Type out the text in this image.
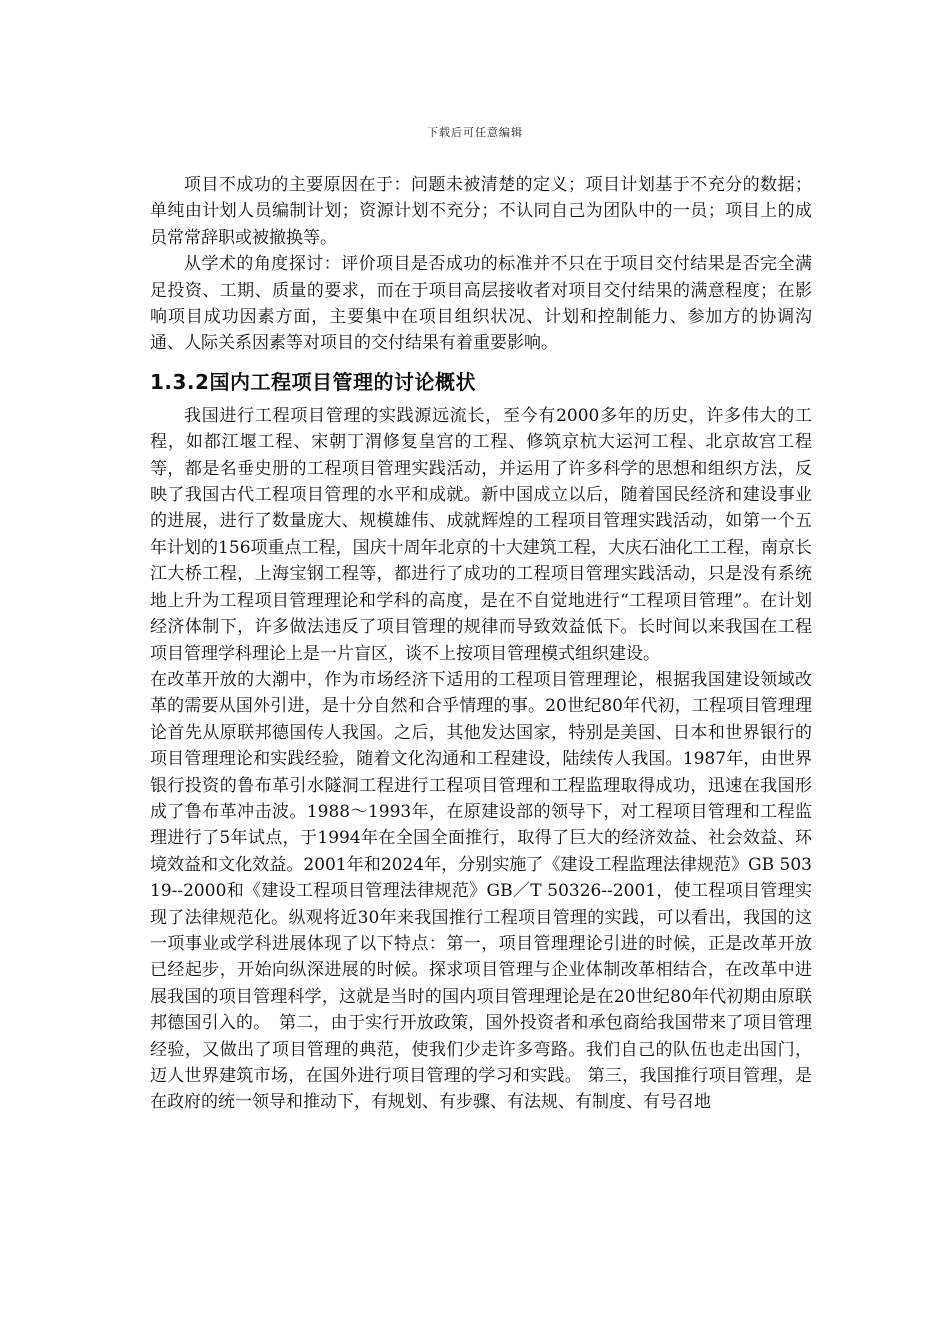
下载后可任意编辑

项目不成功的主要原因在于：问题未被清楚的定义；项目计划基于不充分的数据；单纯由计划人员编制计划；资源计划不充分；不认同自己为团队中的一员；项目上的成员常常辞职或被撤换等。

从学术的角度探讨：评价项目是否成功的标准并不只在于项目交付结果是否完全满足投资、工期、质量的要求，而在于项目高层接收者对项目交付结果的满意程度；在影响项目成功因素方面，主要集中在项目组织状况、计划和控制能力、参加方的协调沟通、人际关系因素等对项目的交付结果有着重要影响。

1.3.2国内工程项目管理的讨论概状

我国进行工程项目管理的实践源远流长，至今有2000多年的历史，许多伟大的工程，如都江堰工程、宋朝丁渭修复皇宫的工程、修筑京杭大运河工程、北京故宫工程等，都是名垂史册的工程项目管理实践活动，并运用了许多科学的思想和组织方法，反映了我国古代工程项目管理的水平和成就。新中国成立以后，随着国民经济和建设事业的进展，进行了数量庞大、规模雄伟、成就辉煌的工程项目管理实践活动，如第一个五年计划的156项重点工程，国庆十周年北京的十大建筑工程，大庆石油化工工程，南京长江大桥工程，上海宝钢工程等，都进行了成功的工程项目管理实践活动，只是没有系统地上升为工程项目管理理论和学科的高度，是在不自觉地进行“工程项目管理”。在计划经济体制下，许多做法违反了项目管理的规律而导致效益低下。长时间以来我国在工程项目管理学科理论上是一片盲区，谈不上按项目管理模式组织建设。

在改革开放的大潮中，作为市场经济下适用的工程项目管理理论，根据我国建设领域改革的需要从国外引进，是十分自然和合乎情理的事。20世纪80年代初，工程项目管理理论首先从原联邦德国传人我国。之后，其他发达国家，特别是美国、日本和世界银行的项目管理理论和实践经验，随着文化沟通和工程建设，陆续传人我国。1987年，由世界银行投资的鲁布革引水隧洞工程进行工程项目管理和工程监理取得成功，迅速在我国形成了鲁布革冲击波。1988～1993年，在原建设部的领导下，对工程项目管理和工程监理进行了5年试点，于1994年在全国全面推行，取得了巨大的经济效益、社会效益、环境效益和文化效益。2001年和2024年，分别实施了《建设工程监理法律规范》GB 50319--2000和《建设工程项目管理法律规范》GB／T 50326--2001，使工程项目管理实现了法律规范化。纵观将近30年来我国推行工程项目管理的实践，可以看出，我国的这一项事业或学科进展体现了以下特点：第一，项目管理理论引进的时候，正是改革开放已经起步，开始向纵深进展的时候。探求项目管理与企业体制改革相结合，在改革中进展我国的项目管理科学，这就是当时的国内项目管理理论是在20世纪80年代初期由原联邦德国引入的。　第二，由于实行开放政策，国外投资者和承包商给我国带来了项目管理经验，又做出了项目管理的典范，使我们少走许多弯路。我们自己的队伍也走出国门，迈人世界建筑市场，在国外进行项目管理的学习和实践。 第三，我国推行项目管理，是在政府的统一领导和推动下，有规划、有步骤、有法规、有制度、有号召地
